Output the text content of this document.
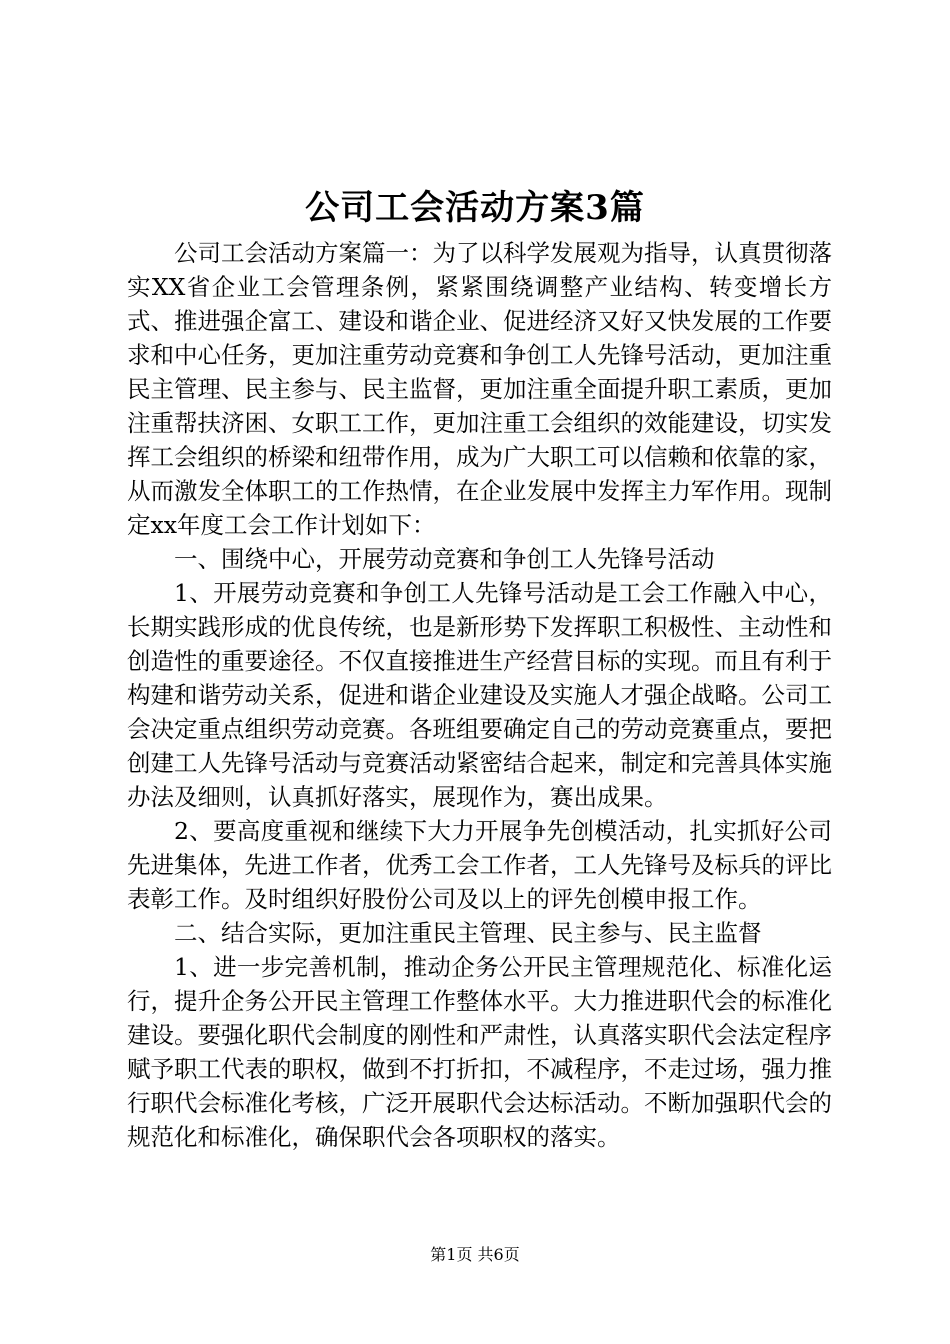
公司工会活动方案3篇

公司工会活动方案篇一：为了以科学发展观为指导，认真贯彻落实XX省企业工会管理条例，紧紧围绕调整产业结构、转变增长方式、推进强企富工、建设和谐企业、促进经济又好又快发展的工作要求和中心任务，更加注重劳动竞赛和争创工人先锋号活动，更加注重民主管理、民主参与、民主监督，更加注重全面提升职工素质，更加注重帮扶济困、女职工工作，更加注重工会组织的效能建设，切实发挥工会组织的桥梁和纽带作用，成为广大职工可以信赖和依靠的家，从而激发全体职工的工作热情，在企业发展中发挥主力军作用。现制定xx年度工会工作计划如下：

一、围绕中心，开展劳动竞赛和争创工人先锋号活动

1、开展劳动竞赛和争创工人先锋号活动是工会工作融入中心，长期实践形成的优良传统，也是新形势下发挥职工积极性、主动性和创造性的重要途径。不仅直接推进生产经营目标的实现。而且有利于构建和谐劳动关系，促进和谐企业建设及实施人才强企战略。公司工会决定重点组织劳动竞赛。各班组要确定自己的劳动竞赛重点，要把创建工人先锋号活动与竞赛活动紧密结合起来，制定和完善具体实施办法及细则，认真抓好落实，展现作为，赛出成果。

2、要高度重视和继续下大力开展争先创模活动，扎实抓好公司先进集体，先进工作者，优秀工会工作者，工人先锋号及标兵的评比表彰工作。及时组织好股份公司及以上的评先创模申报工作。

二、结合实际，更加注重民主管理、民主参与、民主监督

1、进一步完善机制，推动企务公开民主管理规范化、标准化运行，提升企务公开民主管理工作整体水平。大力推进职代会的标准化建设。要强化职代会制度的刚性和严肃性，认真落实职代会法定程序赋予职工代表的职权，做到不打折扣，不减程序，不走过场，强力推行职代会标准化考核，广泛开展职代会达标活动。不断加强职代会的规范化和标准化，确保职代会各项职权的落实。

第1页 共6页
